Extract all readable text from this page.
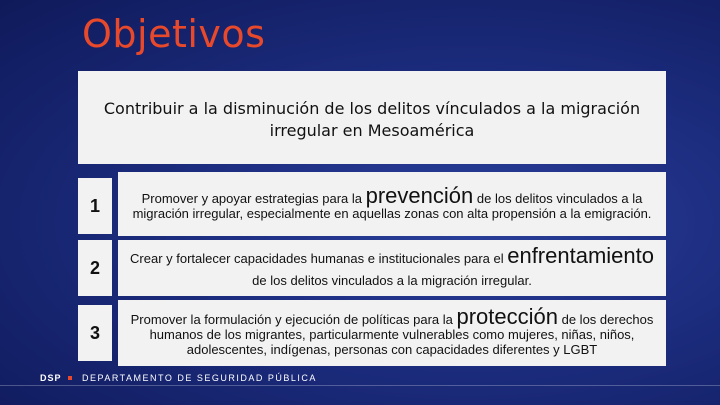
Objetivos
Contribuir a la disminución de los delitos vínculados a la migración irregular en Mesoamérica
1	Promover y apoyar estrategias para la prevención de los delitos vinculados a la migración irregular, especialmente en aquellas zonas con alta propensión a la emigración.
2	Crear y fortalecer capacidades humanas e institucionales para el enfrentamiento de los delitos vinculados a la migración irregular.
3
Promover la formulación y ejecución de políticas para la protección de los derechos humanos de los migrantes, particularmente vulnerables como mujeres, niñas, niños, adolescentes, indígenas, personas con capacidades diferentes y LGBT
DSP DEPARTAMENTO DE SEGURIDAD PÚBLICA
